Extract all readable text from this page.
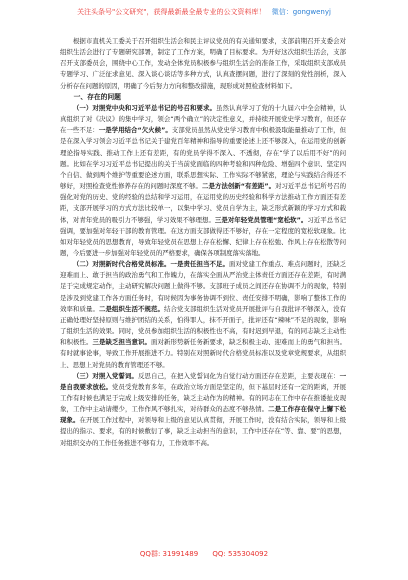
关注头条号"公文研究"，获得最新最全最专业的公文资料库！ 微信：gongwenyj

根据市直机关工委关于召开组织生活会和民主评议党员的有关通知要求，支部前期召开支委会对组织生活会进行了专题研究部署，制定了工作方案，明确了目标要求。为开好这次组织生活会，支部召开支部委员会，围绕中心工作，发动全体党员积极参与组织生活会的准备工作，采取组织支部成员专题学习、广泛征求意见、深入谈心谈话等多种方式，认真查摆问题，进行了深刻的党性剖析，深入分析存在问题的原因，明确了今后努力方向和整改措施，现形成对照检查材料如下。

一、存在的问题

（一）对照党中央和习近平总书记的号召和要求。虽然认真学习了党的十九届六中全会精神，认真组织了对《决议》的集中学习，领会“两个确立”的决定性意义，并持续开展党史学习教育，但还存在一些不足：一是学用结合“欠火候”。支部党员虽然从党史学习教育中积极汲取能量推动了工作，但是在深入学习领会习近平总书记关于建党百年精神和指导的重要论述上还不够深入，在运用党的创新理论指导实践、推动工作上还有差距，有的党员学得不深入、不透彻，存在“学了以后用不好”的问题。比如在学习习近平总书记提出的关于当前党面临的四种考验和四种危险、增强四个意识、坚定四个自信、做到两个维护等重要论述方面，联系思想实际、工作实际不够紧密，理论与实践结合得还不够好，对照检查党性修养存在的问题时深度不够。二是方法创新“有差距”。对习近平总书记所号召的强化对党的历史、党的经验的总结和学习运用，在运用党的历史经验和科学方法推动工作方面还有差距，支部开展学习的方式方法比较单一，以集中学习、党员自学为主，缺乏形式新颖的学习方式和载体，对青年党员的吸引力不够强，学习效果不够理想。三是对年轻党员管理“宽松软”。习近平总书记强调，要加强对年轻干部的教育管理。在这方面支部做得还不够好，存在一定程度的宽松软现象。比如对年轻党员的思想教育，导致年轻党员在思想上存在松懈、纪律上存在松弛、作风上存在松散等问题，今后要进一步加强对年轻党员的严格要求，确保各项制度落实落地。

（二）对照新时代合格党员标准。一是责任担当不足。面对党建工作重点、难点问题时，还缺乏迎难而上、敢于担当的政治勇气和工作魄力，在落实全面从严治党主体责任方面还存在差距，有时满足于完成规定动作，主动研究解决问题上做得不够。支部班子成员之间还存在协调不力的现象，特别是涉及到党建工作各方面任务时，有时候因为事务协调不到位、责任安排不明确，影响了整体工作的效率和质量。二是组织生活不规范。结合党支部组织生活对党员开展批评与自我批评不够深入，没有正确处理好坚持原则与维护团结的关系，怕得罪人，抹不开面子，批评还有“辣味”不足的现象，影响了组织生活的效果。同时，党员参加组织生活的积极性也不高，有时迟到早退，有的同志缺乏主动性和积极性。三是缺乏担当意识。面对新形势新任务新要求，缺乏积极主动、迎难而上的勇气和担当。有时就事论事，导致工作开展推进不力。特别在对照新时代合格党员标准以及党章党规要求，从组织上、思想上对党员的教育管理还不够。

（三）对照入党誓词。反思自己，在把入党誓词化为自觉行动方面还存在差距，主要表现在：一是自我要求放松。党员受党教育多年，在政治立场方面是坚定的，但下基层时还有一定的距离，开展工作有时候也满足于完成上级安排的任务，缺乏主动作为的精神。有的同志在工作中存在推诿扯皮现象，工作中主动请缨少，工作作风不够扎实，对待群众的态度不够热情。二是工作存在保守上懈下松现象。在开展工作过程中，对领导和上级的意见认真贯彻，开展工作时，没有结合实际，领导和上级提出的指示、要求，有的时候敷衍了事，缺乏主动担当的意识，工作中还存在“等、靠、要”的思想，对组织交办的工作任务推进不够有力，工作效率不高。

QQ群: 31991489 QQ: 535304092
